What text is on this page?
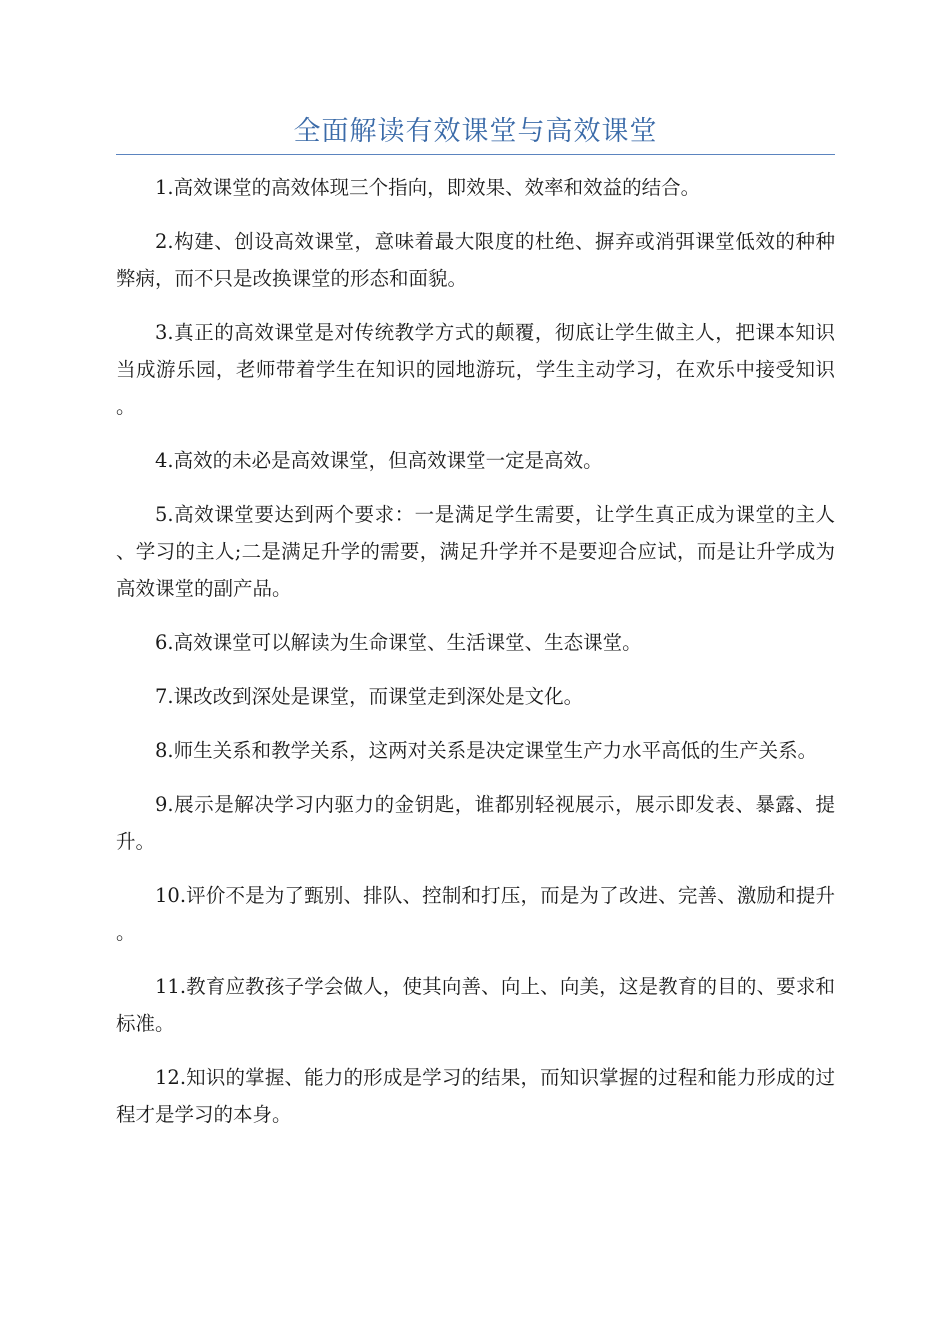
全面解读有效课堂与高效课堂

1.高效课堂的高效体现三个指向，即效果、效率和效益的结合。

2.构建、创设高效课堂，意味着最大限度的杜绝、摒弃或消弭课堂低效的种种弊病，而不只是改换课堂的形态和面貌。

3.真正的高效课堂是对传统教学方式的颠覆，彻底让学生做主人，把课本知识当成游乐园，老师带着学生在知识的园地游玩，学生主动学习，在欢乐中接受知识。

4.高效的未必是高效课堂，但高效课堂一定是高效。

5.高效课堂要达到两个要求：一是满足学生需要，让学生真正成为课堂的主人、学习的主人;二是满足升学的需要，满足升学并不是要迎合应试，而是让升学成为高效课堂的副产品。

6.高效课堂可以解读为生命课堂、生活课堂、生态课堂。

7.课改改到深处是课堂，而课堂走到深处是文化。

8.师生关系和教学关系，这两对关系是决定课堂生产力水平高低的生产关系。

9.展示是解决学习内驱力的金钥匙，谁都别轻视展示，展示即发表、暴露、提升。

10.评价不是为了甄别、排队、控制和打压，而是为了改进、完善、激励和提升。

11.教育应教孩子学会做人，使其向善、向上、向美，这是教育的目的、要求和标准。

12.知识的掌握、能力的形成是学习的结果，而知识掌握的过程和能力形成的过程才是学习的本身。
